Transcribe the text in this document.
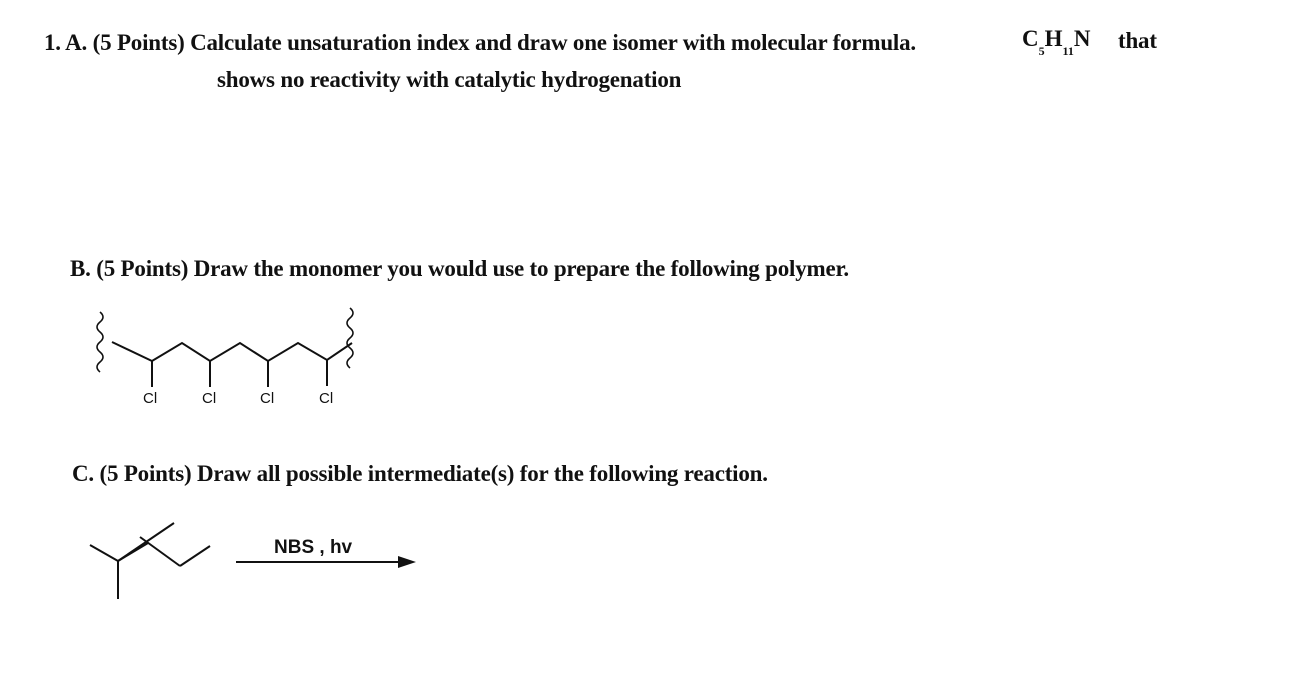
1. A. (5 Points) Calculate unsaturation index and draw one isomer with molecular formula.	$C_5H_{11}N$ that
shows no reactivity with catalytic hydrogenation
B. (5 Points) Draw the monomer you would use to prepare the following polymer.
C. (5 Points) Draw all possible intermediate(s) for the following reaction.
Cl	Cl	Cl	Cl
NBS , hv
